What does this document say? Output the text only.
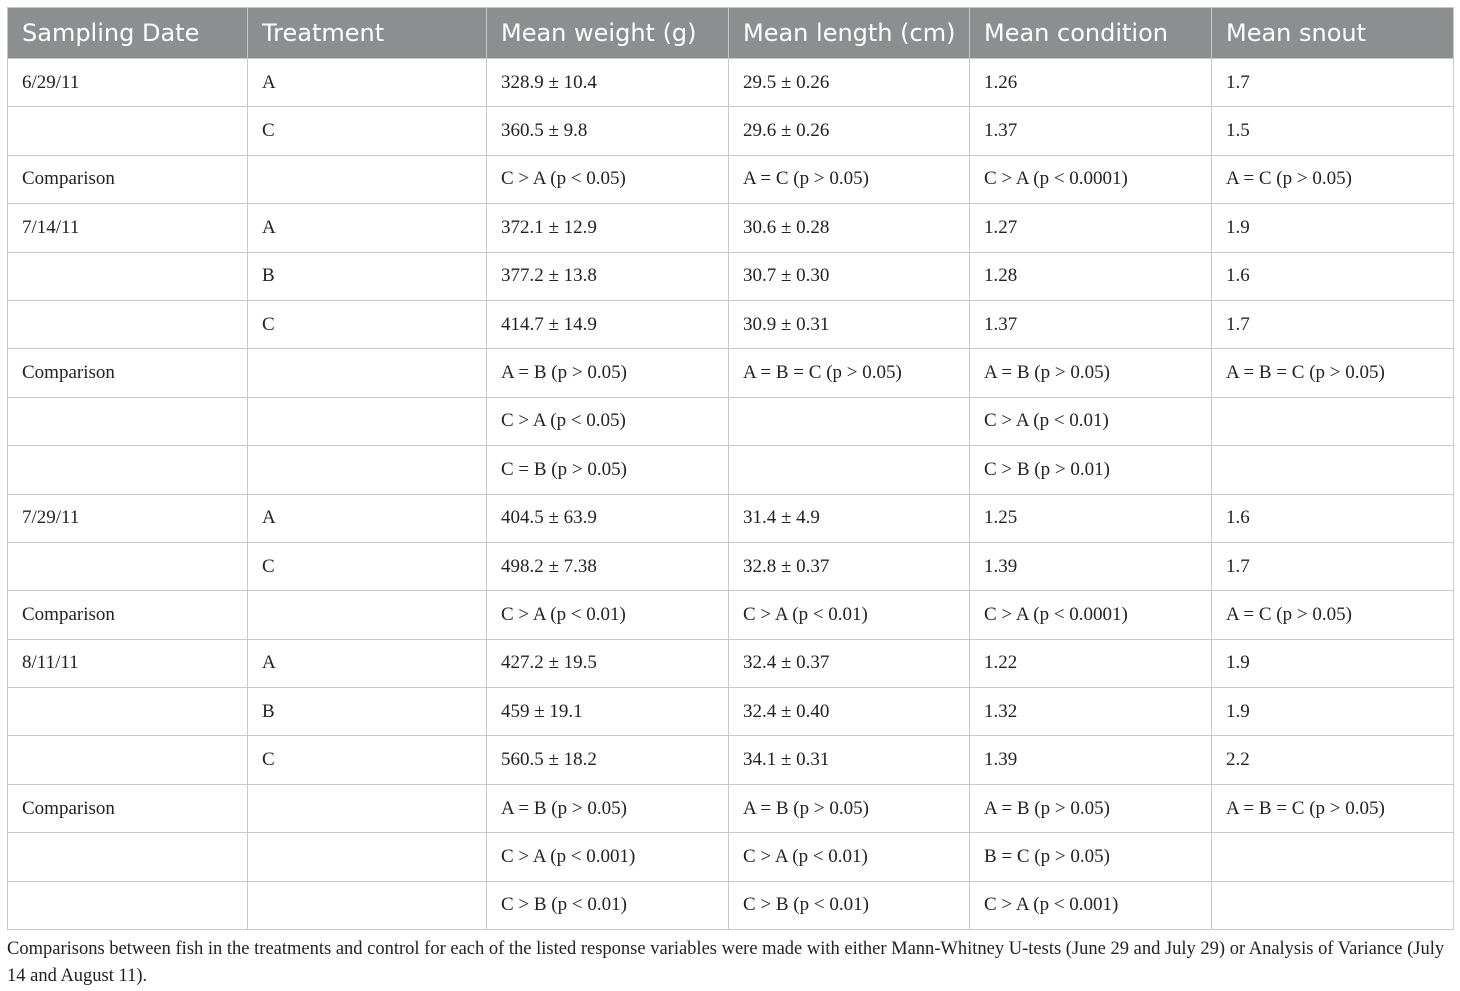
Sampling Date	Treatment	Mean weight (g)	Mean length (cm)	Mean condition	Mean snout
6/29/11	A	328.9 ± 10.4	29.5 ± 0.26	1.26	1.7
	C	360.5 ± 9.8	29.6 ± 0.26	1.37	1.5
Comparison		C > A (p < 0.05)	A = C (p > 0.05)	C > A (p < 0.0001)	A = C (p > 0.05)
7/14/11	A	372.1 ± 12.9	30.6 ± 0.28	1.27	1.9
	B	377.2 ± 13.8	30.7 ± 0.30	1.28	1.6
	C	414.7 ± 14.9	30.9 ± 0.31	1.37	1.7
Comparison		A = B (p > 0.05)	A = B = C (p > 0.05)	A = B (p > 0.05)	A = B = C (p > 0.05)
		C > A (p < 0.05)		C > A (p < 0.01)	
		C = B (p > 0.05)		C > B (p > 0.01)	
7/29/11	A	404.5 ± 63.9	31.4 ± 4.9	1.25	1.6
	C	498.2 ± 7.38	32.8 ± 0.37	1.39	1.7
Comparison		C > A (p < 0.01)	C > A (p < 0.01)	C > A (p < 0.0001)	A = C (p > 0.05)
8/11/11	A	427.2 ± 19.5	32.4 ± 0.37	1.22	1.9
	B	459 ± 19.1	32.4 ± 0.40	1.32	1.9
	C	560.5 ± 18.2	34.1 ± 0.31	1.39	2.2
Comparison		A = B (p > 0.05)	A = B (p > 0.05)	A = B (p > 0.05)	A = B = C (p > 0.05)
		C > A (p < 0.001)	C > A (p < 0.01)	B = C (p > 0.05)	
		C > B (p < 0.01)	C > B (p < 0.01)	C > A (p < 0.001)	
Comparisons between fish in the treatments and control for each of the listed response variables were made with either Mann-Whitney U-tests (June 29 and July 29) or Analysis of Variance (July 14 and August 11).
